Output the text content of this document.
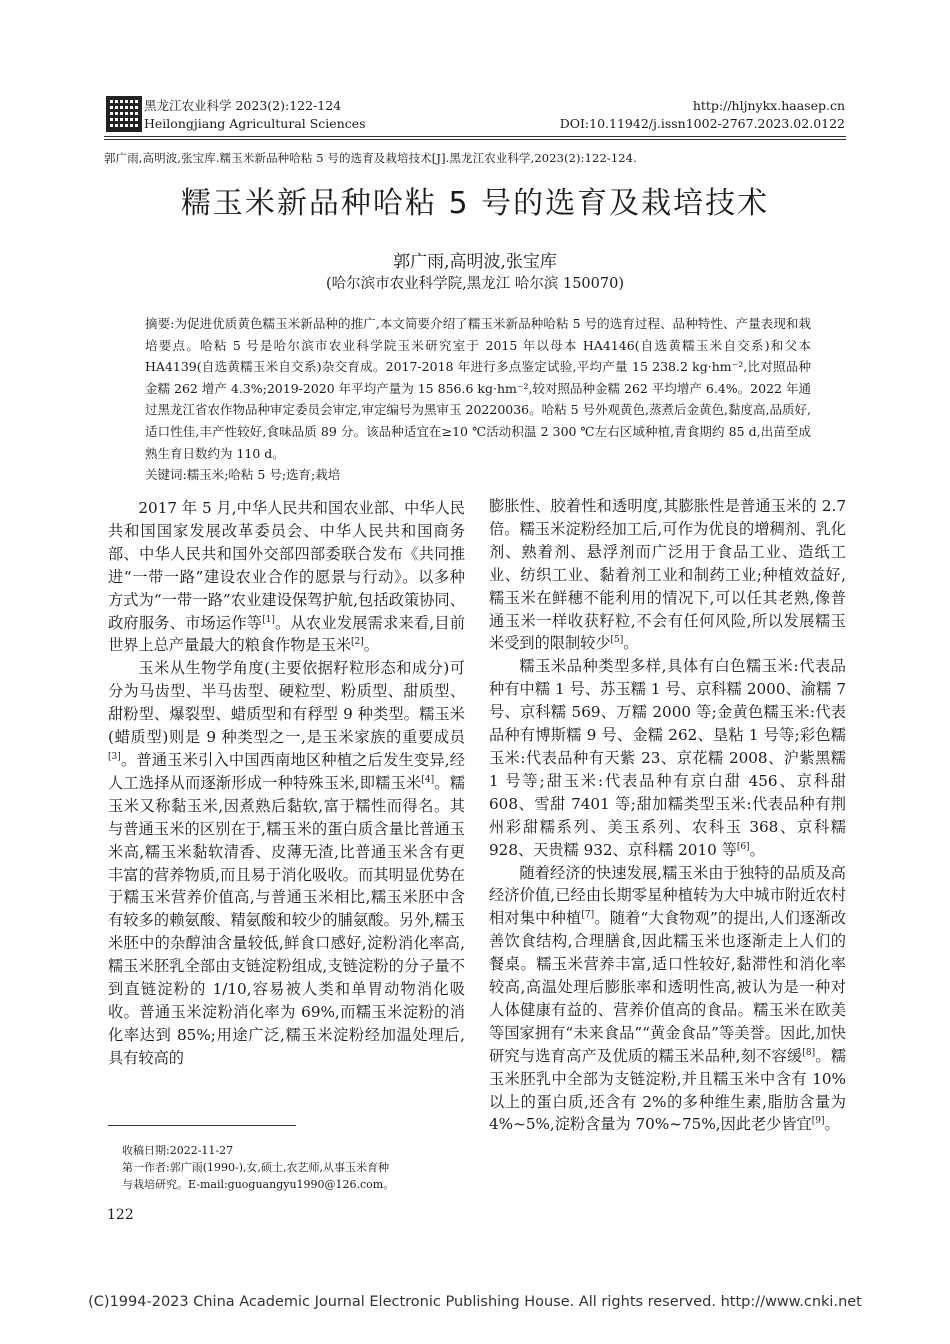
黑龙江农业科学 2023(2):122-124
Heilongjiang Agricultural Sciences
http://hljnykx.haasep.cn
DOI:10.11942/j.issn1002-2767.2023.02.0122
郭广雨,高明波,张宝库.糯玉米新品种哈粘 5 号的选育及栽培技术[J].黑龙江农业科学,2023(2):122-124.
糯玉米新品种哈粘 5 号的选育及栽培技术
郭广雨,高明波,张宝库
(哈尔滨市农业科学院,黑龙江 哈尔滨 150070)

摘要:为促进优质黄色糯玉米新品种的推广,本文简要介绍了糯玉米新品种哈粘 5 号的选育过程、品种特性、产量表现和栽培要点。哈粘 5 号是哈尔滨市农业科学院玉米研究室于 2015 年以母本 HA4146(自选黄糯玉米自交系)和父本 HA4139(自选黄糯玉米自交系)杂交育成。2017-2018 年进行多点鉴定试验,平均产量 15 238.2 kg·hm⁻²,比对照品种金糯 262 增产 4.3%;2019-2020 年平均产量为 15 856.6 kg·hm⁻²,较对照品种金糯 262 平均增产 6.4%。2022 年通过黑龙江省农作物品种审定委员会审定,审定编号为黑审玉 20220036。哈粘 5 号外观黄色,蒸煮后金黄色,黏度高,品质好,适口性佳,丰产性较好,食味品质 89 分。该品种适宜在≥10 ℃活动积温 2 300 ℃左右区域种植,青食期约 85 d,出苗至成熟生育日数约为 110 d。

关键词:糯玉米;哈粘 5 号;选育;栽培

2017 年 5 月,中华人民共和国农业部、中华人民共和国国家发展改革委员会、中华人民共和国商务部、中华人民共和国外交部四部委联合发布《共同推进“一带一路”建设农业合作的愿景与行动》。以多种方式为“一带一路”农业建设保驾护航,包括政策协同、政府服务、市场运作等[1]。从农业发展需求来看,目前世界上总产量最大的粮食作物是玉米[2]。

玉米从生物学角度(主要依据籽粒形态和成分)可分为马齿型、半马齿型、硬粒型、粉质型、甜质型、甜粉型、爆裂型、蜡质型和有稃型 9 种类型。糯玉米(蜡质型)则是 9 种类型之一,是玉米家族的重要成员[3]。普通玉米引入中国西南地区种植之后发生变异,经人工选择从而逐渐形成一种特殊玉米,即糯玉米[4]。糯玉米又称黏玉米,因煮熟后黏软,富于糯性而得名。其与普通玉米的区别在于,糯玉米的蛋白质含量比普通玉米高,糯玉米黏软清香、皮薄无渣,比普通玉米含有更丰富的营养物质,而且易于消化吸收。而其明显优势在于糯玉米营养价值高,与普通玉米相比,糯玉米胚中含有较多的赖氨酸、精氨酸和较少的脯氨酸。另外,糯玉米胚中的杂醇油含量较低,鲜食口感好,淀粉消化率高,糯玉米胚乳全部由支链淀粉组成,支链淀粉的分子量不到直链淀粉的 1/10,容易被人类和单胃动物消化吸收。普通玉米淀粉消化率为 69%,而糯玉米淀粉的消化率达到 85%;用途广泛,糯玉米淀粉经加温处理后,具有较高的

膨胀性、胶着性和透明度,其膨胀性是普通玉米的 2.7 倍。糯玉米淀粉经加工后,可作为优良的增稠剂、乳化剂、熟着剂、悬浮剂而广泛用于食品工业、造纸工业、纺织工业、黏着剂工业和制药工业;种植效益好,糯玉米在鲜穗不能利用的情况下,可以任其老熟,像普通玉米一样收获籽粒,不会有任何风险,所以发展糯玉米受到的限制较少[5]。

糯玉米品种类型多样,具体有白色糯玉米:代表品种有中糯 1 号、苏玉糯 1 号、京科糯 2000、渝糯 7 号、京科糯 569、万糯 2000 等;金黄色糯玉米:代表品种有博斯糯 9 号、金糯 262、垦粘 1 号等;彩色糯玉米:代表品种有天紫 23、京花糯 2008、沪紫黑糯 1 号等;甜玉米:代表品种有京白甜 456、京科甜 608、雪甜 7401 等;甜加糯类型玉米:代表品种有荆州彩甜糯系列、美玉系列、农科玉 368、京科糯 928、天贵糯 932、京科糯 2010 等[6]。

随着经济的快速发展,糯玉米由于独特的品质及高经济价值,已经由长期零星种植转为大中城市附近农村相对集中种植[7]。随着“大食物观”的提出,人们逐渐改善饮食结构,合理膳食,因此糯玉米也逐渐走上人们的餐桌。糯玉米营养丰富,适口性较好,黏滞性和消化率较高,高温处理后膨胀率和透明性高,被认为是一种对人体健康有益的、营养价值高的食品。糯玉米在欧美等国家拥有“未来食品”“黄金食品”等美誉。因此,加快研究与选育高产及优质的糯玉米品种,刻不容缓[8]。糯玉米胚乳中全部为支链淀粉,并且糯玉米中含有 10%以上的蛋白质,还含有 2%的多种维生素,脂肪含量为 4%~5%,淀粉含量为 70%~75%,因此老少皆宜[9]。

收稿日期:2022-11-27

第一作者:郭广雨(1990-),女,硕士,农艺师,从事玉米育种

与栽培研究。E-mail:guoguangyu1990@126.com。

122
(C)1994-2023 China Academic Journal Electronic Publishing House. All rights reserved. http://www.cnki.net
